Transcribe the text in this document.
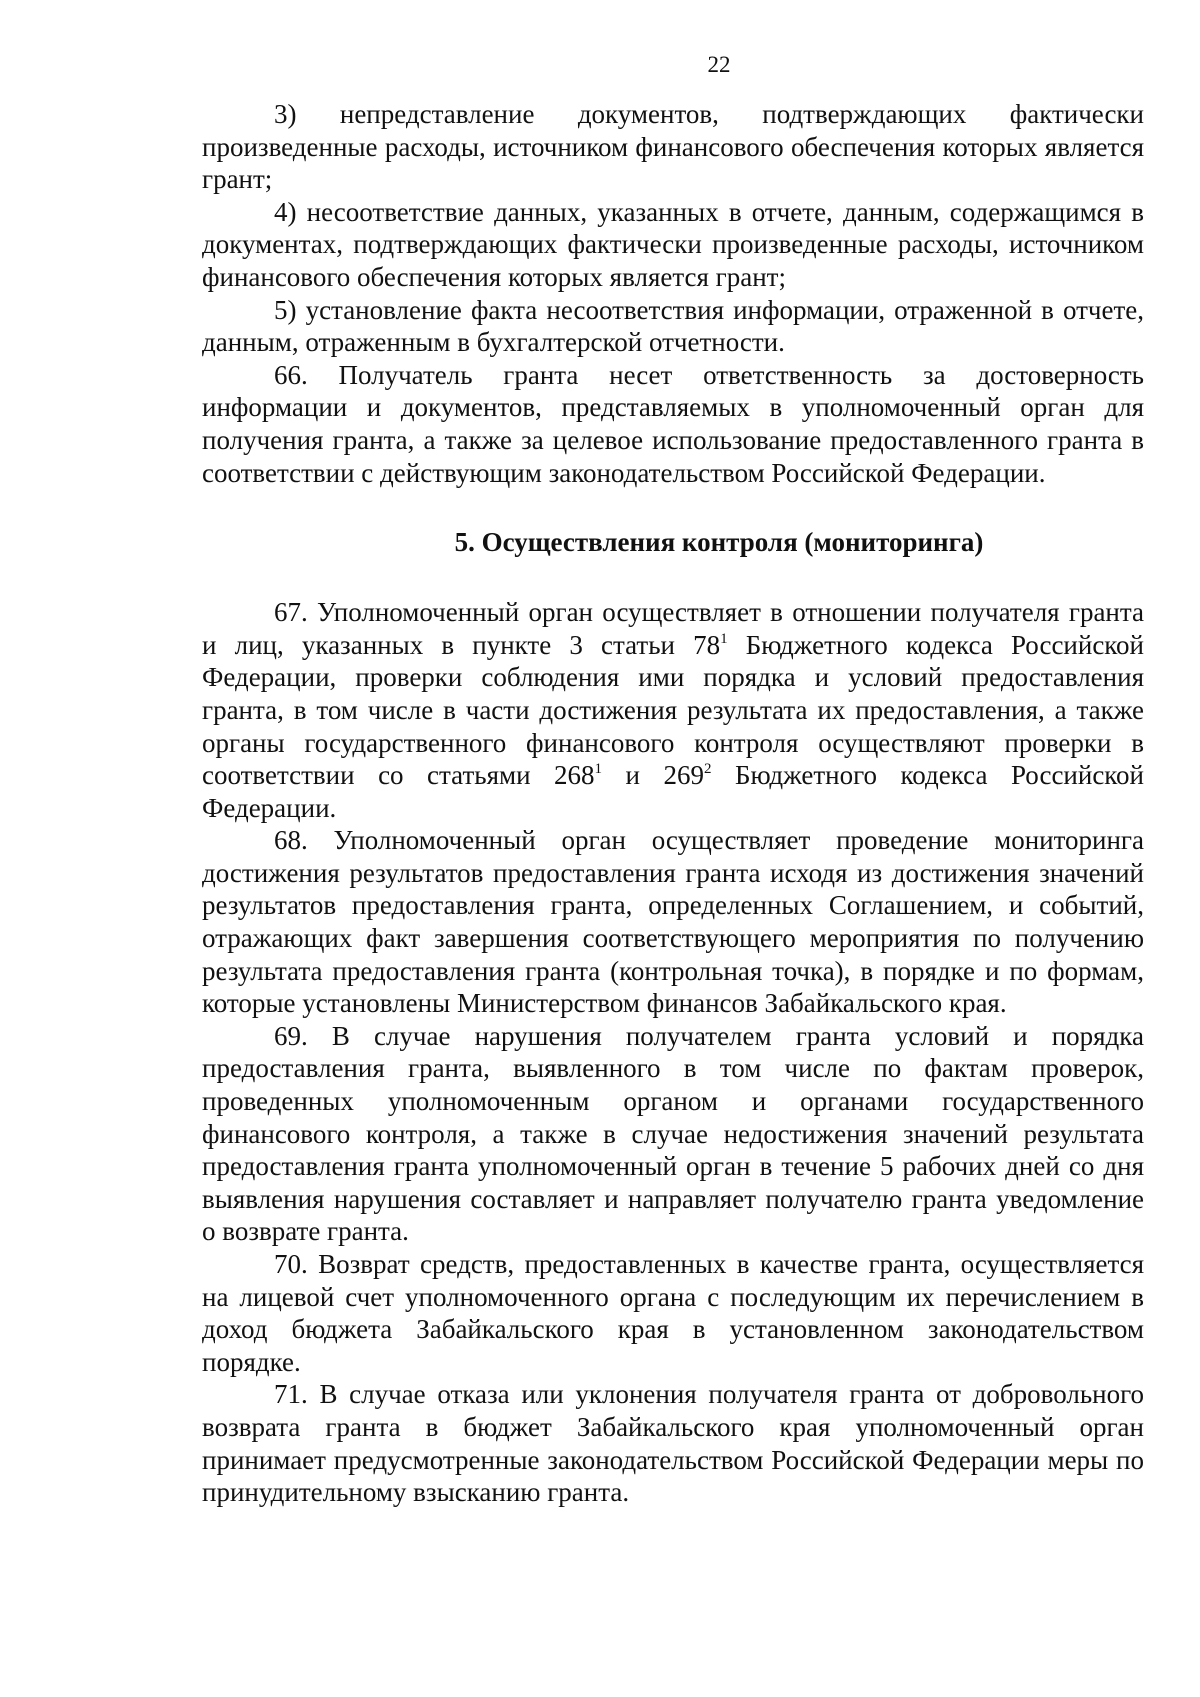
22

3) непредставление документов, подтверждающих фактически произведенные расходы, источником финансового обеспечения которых является грант;

4) несоответствие данных, указанных в отчете, данным, содержащимся в документах, подтверждающих фактически произведенные расходы, источником финансового обеспечения которых является грант;

5) установление факта несоответствия информации, отраженной в отчете, данным, отраженным в бухгалтерской отчетности.

66. Получатель гранта несет ответственность за достоверность информации и документов, представляемых в уполномоченный орган для получения гранта, а также за целевое использование предоставленного гранта в соответствии с действующим законодательством Российской Федерации.

5. Осуществления контроля (мониторинга)

67. Уполномоченный орган осуществляет в отношении получателя гранта и лиц, указанных в пункте 3 статьи $78^1$ Бюджетного кодекса Российской Федерации, проверки соблюдения ими порядка и условий предоставления гранта, в том числе в части достижения результата их предоставления, а также органы государственного финансового контроля осуществляют проверки в соответствии со статьями $268^1$ и $269^2$ Бюджетного кодекса Российской Федерации.

68. Уполномоченный орган осуществляет проведение мониторинга достижения результатов предоставления гранта исходя из достижения значений результатов предоставления гранта, определенных Соглашением, и событий, отражающих факт завершения соответствующего мероприятия по получению результата предоставления гранта (контрольная точка), в порядке и по формам, которые установлены Министерством финансов Забайкальского края.

69. В случае нарушения получателем гранта условий и порядка предоставления гранта, выявленного в том числе по фактам проверок, проведенных уполномоченным органом и органами государственного финансового контроля, а также в случае недостижения значений результата предоставления гранта уполномоченный орган в течение 5 рабочих дней со дня выявления нарушения составляет и направляет получателю гранта уведомление о возврате гранта.

70. Возврат средств, предоставленных в качестве гранта, осуществляется на лицевой счет уполномоченного органа с последующим их перечислением в доход бюджета Забайкальского края в установленном законодательством порядке.

71. В случае отказа или уклонения получателя гранта от добровольного возврата гранта в бюджет Забайкальского края уполномоченный орган принимает предусмотренные законодательством Российской Федерации меры по принудительному взысканию гранта.
